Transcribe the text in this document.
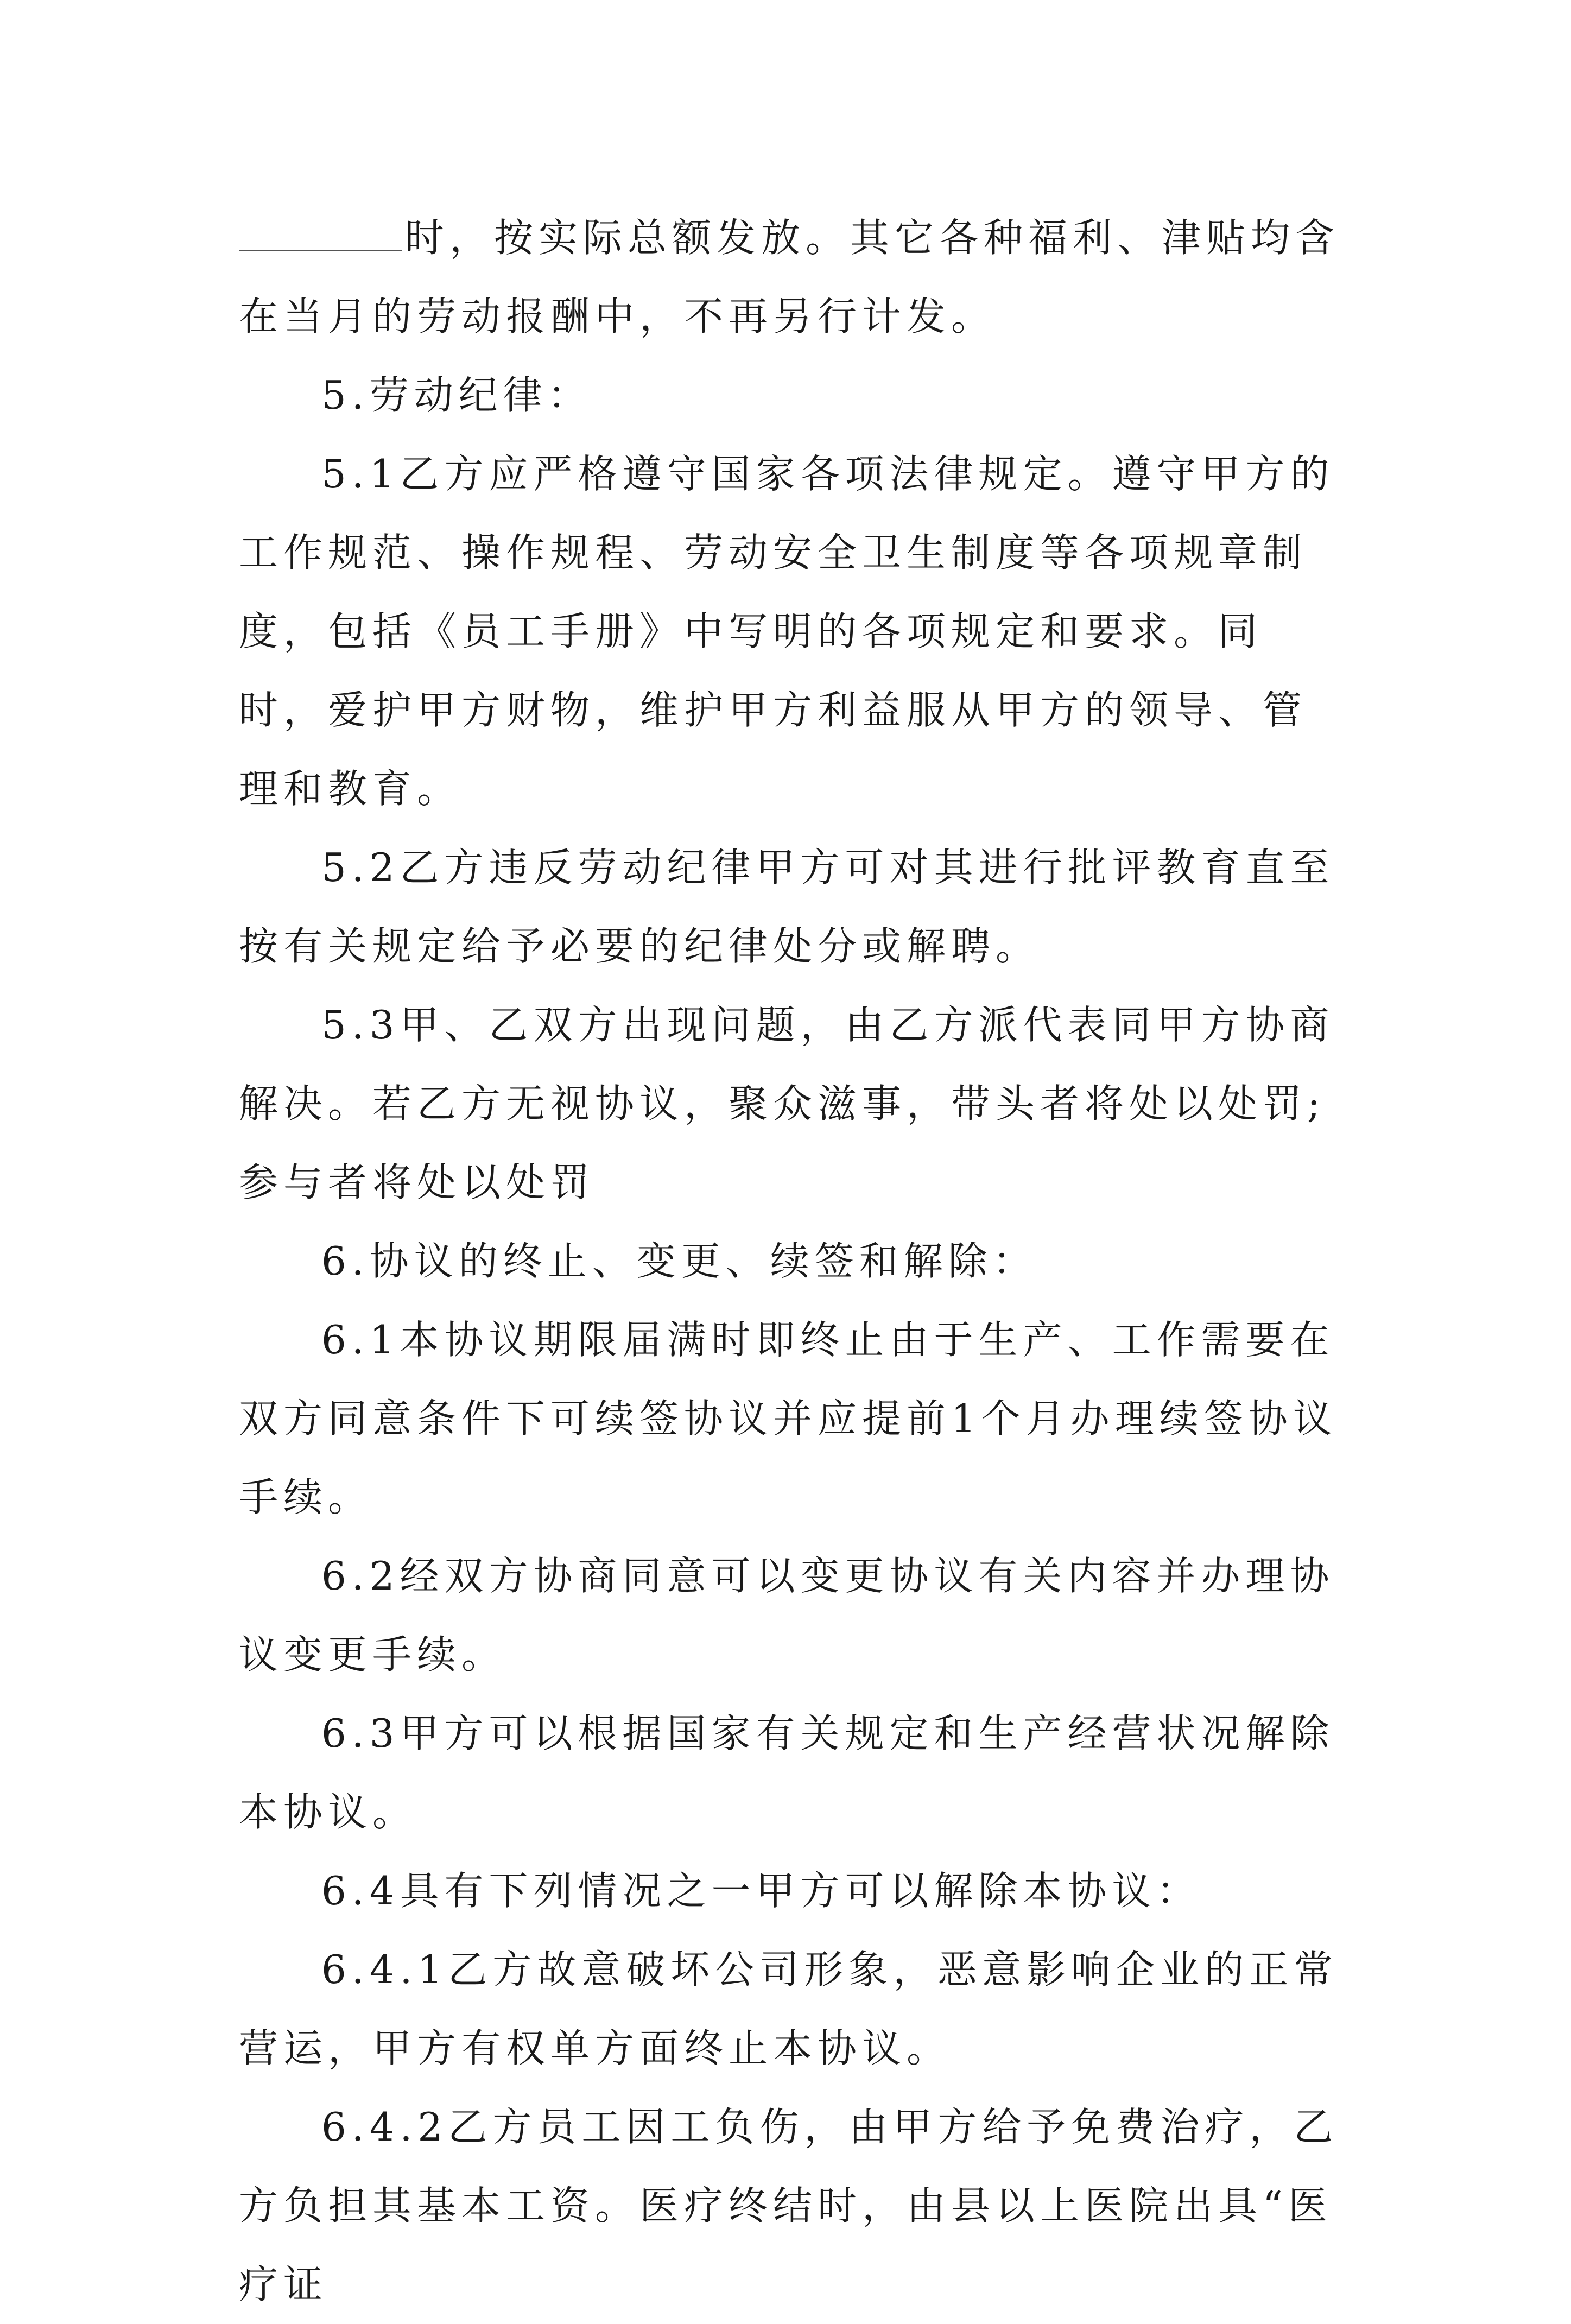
时，按实际总额发放。其它各种福利、津贴均含在当月的劳动报酬中，不再另行计发。

5.劳动纪律：

5.1乙方应严格遵守国家各项法律规定。遵守甲方的工作规范、操作规程、劳动安全卫生制度等各项规章制度，包括《员工手册》中写明的各项规定和要求。同时，爱护甲方财物，维护甲方利益服从甲方的领导、管理和教育。

5.2乙方违反劳动纪律甲方可对其进行批评教育直至按有关规定给予必要的纪律处分或解聘。

5.3甲、乙双方出现问题，由乙方派代表同甲方协商解决。若乙方无视协议，聚众滋事，带头者将处以处罚;参与者将处以处罚

6.协议的终止、变更、续签和解除：

6.1本协议期限届满时即终止由于生产、工作需要在双方同意条件下可续签协议并应提前1个月办理续签协议手续。

6.2经双方协商同意可以变更协议有关内容并办理协议变更手续。

6.3甲方可以根据国家有关规定和生产经营状况解除本协议。

6.4具有下列情况之一甲方可以解除本协议：

6.4.1乙方故意破坏公司形象，恶意影响企业的正常营运，甲方有权单方面终止本协议。

6.4.2乙方员工因工负伤，由甲方给予免费治疗，乙方负担其基本工资。医疗终结时，由县以上医院出具“医疗证
